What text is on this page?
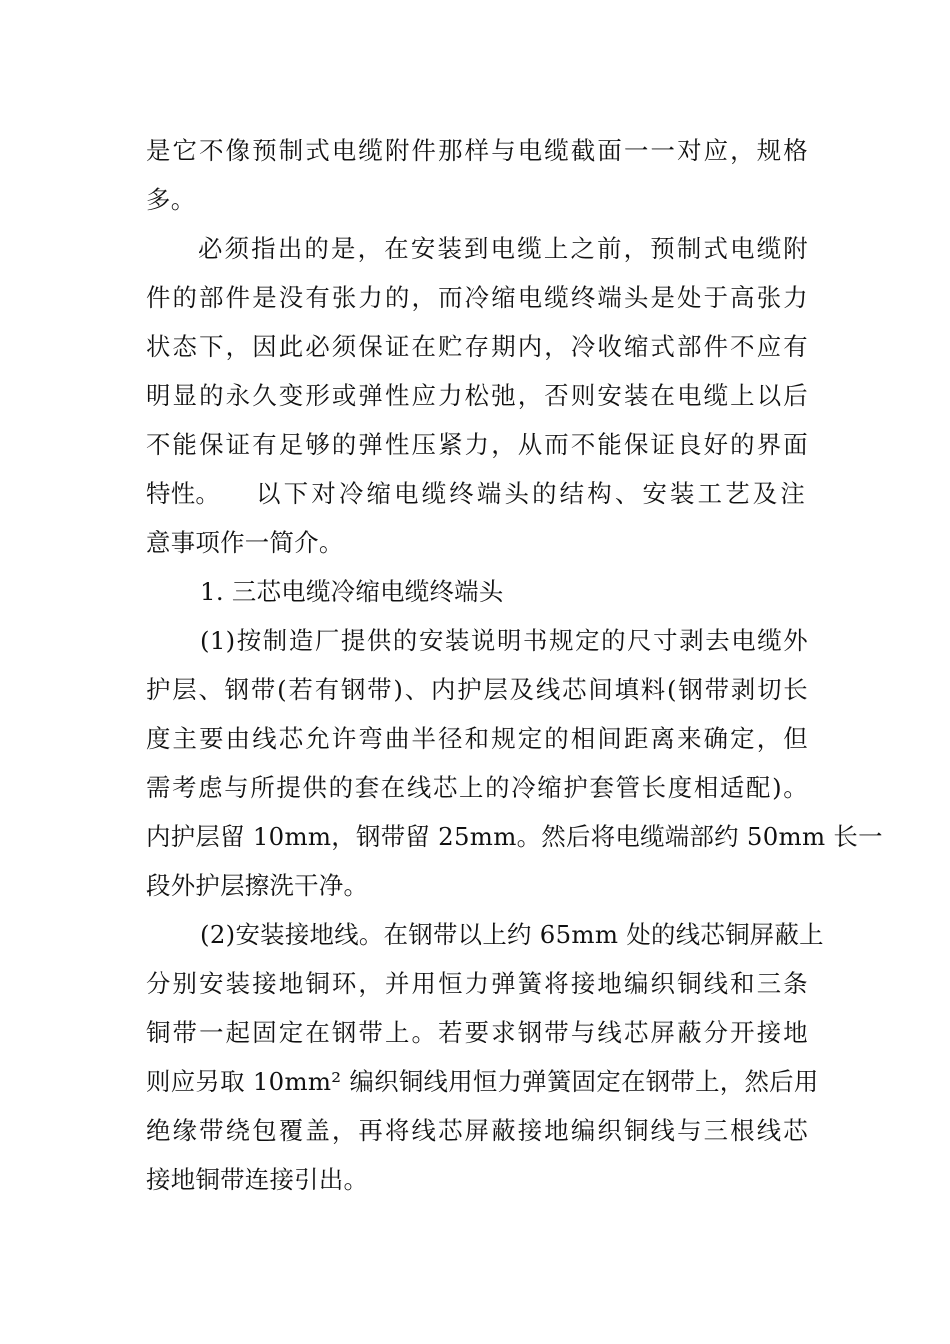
是它不像预制式电缆附件那样与电缆截面一一对应，规格
多。
必须指出的是，在安装到电缆上之前，预制式电缆附
件的部件是没有张力的，而冷缩电缆终端头是处于高张力
状态下，因此必须保证在贮存期内，冷收缩式部件不应有
明显的永久变形或弹性应力松弛，否则安装在电缆上以后
不能保证有足够的弹性压紧力，从而不能保证良好的界面
特性。 以下对冷缩电缆终端头的结构、安装工艺及注
意事项作一简介。
1. 三芯电缆冷缩电缆终端头
(1)按制造厂提供的安装说明书规定的尺寸剥去电缆外
护层、钢带(若有钢带)、内护层及线芯间填料(钢带剥切长
度主要由线芯允许弯曲半径和规定的相间距离来确定，但
需考虑与所提供的套在线芯上的冷缩护套管长度相适配)。
内护层留 10mm，钢带留 25mm。然后将电缆端部约 50mm 长一
段外护层擦洗干净。
(2)安装接地线。在钢带以上约 65mm 处的线芯铜屏蔽上
分别安装接地铜环，并用恒力弹簧将接地编织铜线和三条
铜带一起固定在钢带上。若要求钢带与线芯屏蔽分开接地
则应另取 10mm² 编织铜线用恒力弹簧固定在钢带上，然后用
绝缘带绕包覆盖，再将线芯屏蔽接地编织铜线与三根线芯
接地铜带连接引出。
